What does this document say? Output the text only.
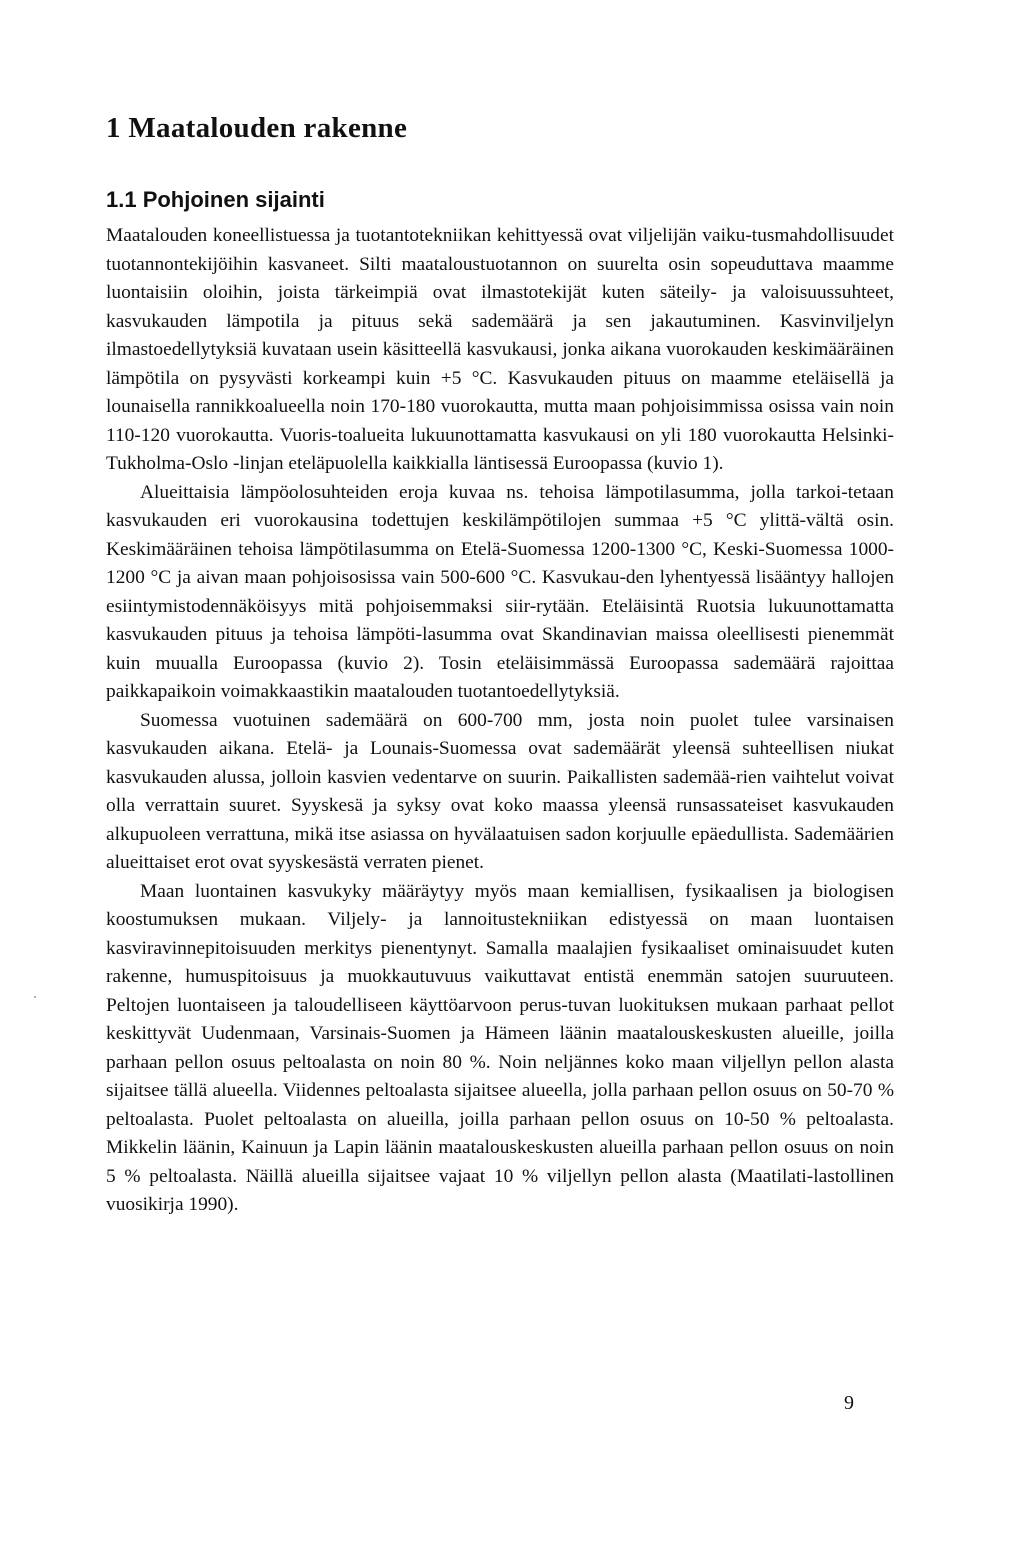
1 Maatalouden rakenne
1.1 Pohjoinen sijainti

Maatalouden koneellistuessa ja tuotantotekniikan kehittyessä ovat viljelijän vaiku-tusmahdollisuudet tuotannontekijöihin kasvaneet. Silti maataloustuotannon on suurelta osin sopeuduttava maamme luontaisiin oloihin, joista tärkeimpiä ovat ilmastotekijät kuten säteily- ja valoisuussuhteet, kasvukauden lämpotila ja pituus sekä sademäärä ja sen jakautuminen. Kasvinviljelyn ilmastoedellytyksiä kuvataan usein käsitteellä kasvukausi, jonka aikana vuorokauden keskimääräinen lämpötila on pysyvästi korkeampi kuin +5 °C. Kasvukauden pituus on maamme eteläisellä ja lounaisella rannikkoalueella noin 170-180 vuorokautta, mutta maan pohjoisimmissa osissa vain noin 110-120 vuorokautta. Vuoris-toalueita lukuunottamatta kasvukausi on yli 180 vuorokautta Helsinki-Tukholma-Oslo -linjan eteläpuolella kaikkialla läntisessä Euroopassa (kuvio 1).

Alueittaisia lämpöolosuhteiden eroja kuvaa ns. tehoisa lämpotilasumma, jolla tarkoi-tetaan kasvukauden eri vuorokausina todettujen keskilämpötilojen summaa +5 °C ylittä-vältä osin. Keskimääräinen tehoisa lämpötilasumma on Etelä-Suomessa 1200-1300 °C, Keski-Suomessa 1000-1200 °C ja aivan maan pohjoisosissa vain 500-600 °C. Kasvukau-den lyhentyessä lisääntyy hallojen esiintymistodennäköisyys mitä pohjoisemmaksi siir-rytään. Eteläisintä Ruotsia lukuunottamatta kasvukauden pituus ja tehoisa lämpöti-lasumma ovat Skandinavian maissa oleellisesti pienemmät kuin muualla Euroopassa (kuvio 2). Tosin eteläisimmässä Euroopassa sademäärä rajoittaa paikkapaikoin voimakkaastikin maatalouden tuotantoedellytyksiä.

Suomessa vuotuinen sademäärä on 600-700 mm, josta noin puolet tulee varsinaisen kasvukauden aikana. Etelä- ja Lounais-Suomessa ovat sademäärät yleensä suhteellisen niukat kasvukauden alussa, jolloin kasvien vedentarve on suurin. Paikallisten sademää-rien vaihtelut voivat olla verrattain suuret. Syyskesä ja syksy ovat koko maassa yleensä runsassateiset kasvukauden alkupuoleen verrattuna, mikä itse asiassa on hyvälaatuisen sadon korjuulle epäedullista. Sademäärien alueittaiset erot ovat syyskesästä verraten pienet.

Maan luontainen kasvukyky määräytyy myös maan kemiallisen, fysikaalisen ja biologisen koostumuksen mukaan. Viljely- ja lannoitustekniikan edistyessä on maan luontaisen kasviravinnepitoisuuden merkitys pienentynyt. Samalla maalajien fysikaaliset ominaisuudet kuten rakenne, humuspitoisuus ja muokkautuvuus vaikuttavat entistä enemmän satojen suuruuteen. Peltojen luontaiseen ja taloudelliseen käyttöarvoon perus-tuvan luokituksen mukaan parhaat pellot keskittyvät Uudenmaan, Varsinais-Suomen ja Hämeen läänin maatalouskeskusten alueille, joilla parhaan pellon osuus peltoalasta on noin 80 %. Noin neljännes koko maan viljellyn pellon alasta sijaitsee tällä alueella. Viidennes peltoalasta sijaitsee alueella, jolla parhaan pellon osuus on 50-70 % peltoalasta. Puolet peltoalasta on alueilla, joilla parhaan pellon osuus on 10-50 % peltoalasta. Mikkelin läänin, Kainuun ja Lapin läänin maatalouskeskusten alueilla parhaan pellon osuus on noin 5 % peltoalasta. Näillä alueilla sijaitsee vajaat 10 % viljellyn pellon alasta (Maatilati-lastollinen vuosikirja 1990).

9
